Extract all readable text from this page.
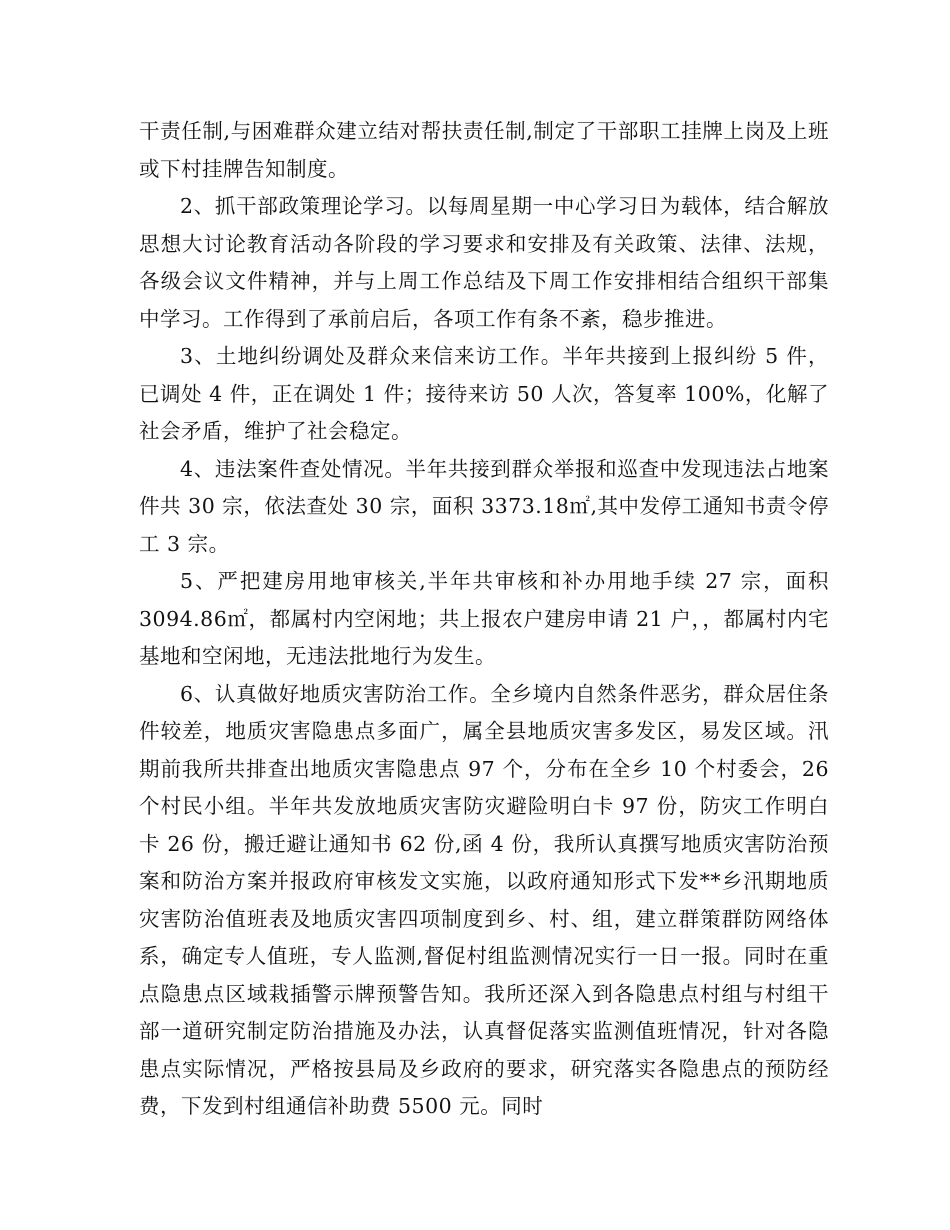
干责任制,与困难群众建立结对帮扶责任制,制定了干部职工挂牌上岗及上班或下村挂牌告知制度。

2、抓干部政策理论学习。以每周星期一中心学习日为载体，结合解放思想大讨论教育活动各阶段的学习要求和安排及有关政策、法律、法规，各级会议文件精神，并与上周工作总结及下周工作安排相结合组织干部集中学习。工作得到了承前启后，各项工作有条不紊，稳步推进。

3、土地纠纷调处及群众来信来访工作。半年共接到上报纠纷 5 件，已调处 4 件，正在调处 1 件；接待来访 50 人次，答复率 100%，化解了社会矛盾，维护了社会稳定。

4、违法案件查处情况。半年共接到群众举报和巡查中发现违法占地案件共 30 宗，依法查处 30 宗，面积 3373.18㎡,其中发停工通知书责令停工 3 宗。

5、严把建房用地审核关,半年共审核和补办用地手续 27 宗，面积3094.86㎡，都属村内空闲地；共上报农户建房申请 21 户，，都属村内宅基地和空闲地，无违法批地行为发生。

6、认真做好地质灾害防治工作。全乡境内自然条件恶劣，群众居住条件较差，地质灾害隐患点多面广，属全县地质灾害多发区，易发区域。汛期前我所共排查出地质灾害隐患点 97 个，分布在全乡 10 个村委会，26 个村民小组。半年共发放地质灾害防灾避险明白卡 97 份，防灾工作明白卡 26 份，搬迁避让通知书 62 份,函 4 份，我所认真撰写地质灾害防治预案和防治方案并报政府审核发文实施，以政府通知形式下发**乡汛期地质灾害防治值班表及地质灾害四项制度到乡、村、组，建立群策群防网络体系，确定专人值班，专人监测,督促村组监测情况实行一日一报。同时在重点隐患点区域栽插警示牌预警告知。我所还深入到各隐患点村组与村组干部一道研究制定防治措施及办法，认真督促落实监测值班情况，针对各隐患点实际情况，严格按县局及乡政府的要求，研究落实各隐患点的预防经费，下发到村组通信补助费 5500 元。同时
